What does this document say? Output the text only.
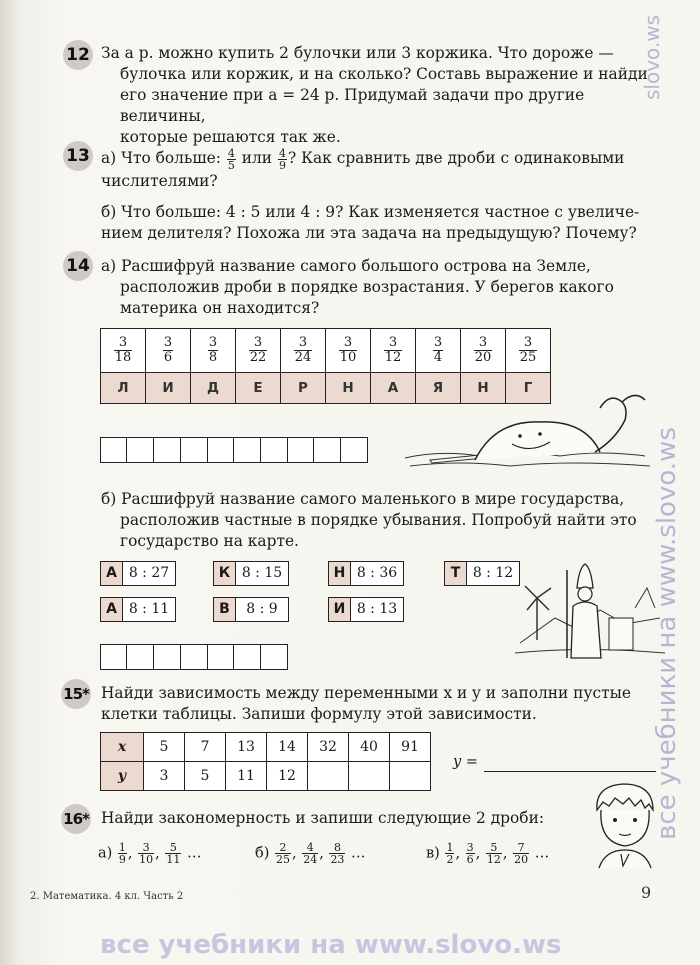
12 За a р. можно купить 2 булочки или 3 коржика. Что дороже —
булочка или коржик, и на сколько? Составь выражение и найди
его значение при a = 24 р. Придумай задачи про другие величины,
которые решаются так же.
13 а) Что больше: $\frac{4}{5}$ или $\frac{4}{9}$ ? Как сравнить две дроби с одинаковыми
числителями?
б) Что больше: 4 : 5 или 4 : 9? Как изменяется частное с увеличе-
нием делителя? Похожа ли эта задача на предыдущую? Почему?
14 а) Расшифруй название самого большого острова на Земле,
расположив дроби в порядке возрастания. У берегов какого
материка он находится?
$\frac{3}{18}$	$\frac{3}{6}$	$\frac{3}{8}$	$\frac{3}{22}$	$\frac{3}{24}$	$\frac{3}{10}$	$\frac{3}{12}$	$\frac{3}{4}$	$\frac{3}{20}$	$\frac{3}{25}$

Л	И	Д	Е	Р	Н	А	Я	Н	Г
б) Расшифруй название самого маленького в мире государства,
расположив частные в порядке убывания. Попробуй найти это
государство на карте.
А 8 : 27	К 8 : 15	Н 8 : 36	Т 8 : 12
А 8 : 11	В	8 : 9	И 8 : 13
15* Найди зависимость между переменными x и y и заполни пустые
клетки таблицы. Запиши формулу этой зависимости.
x	5	7	13	14	32	40	91
y	3	5	11	12			
y =
16* Найди закономерность и запиши следующие 2 дроби:
$а) \frac{1}{9}$ , $\frac{3}{10}$ , $\frac{5}{11}$ …	$б) \frac{2}{25}$ , $\frac{4}{24}$ , $\frac{8}{23}$ …	$в) \frac{1}{2}$ , $\frac{3}{6}$ , $\frac{5}{12}$ , $\frac{7}{20}$ …
2. Математика. 4 кл. Часть 2	9
slovo.ws
все учебники на www.slovo.ws
все учебники на www.slovo.ws
